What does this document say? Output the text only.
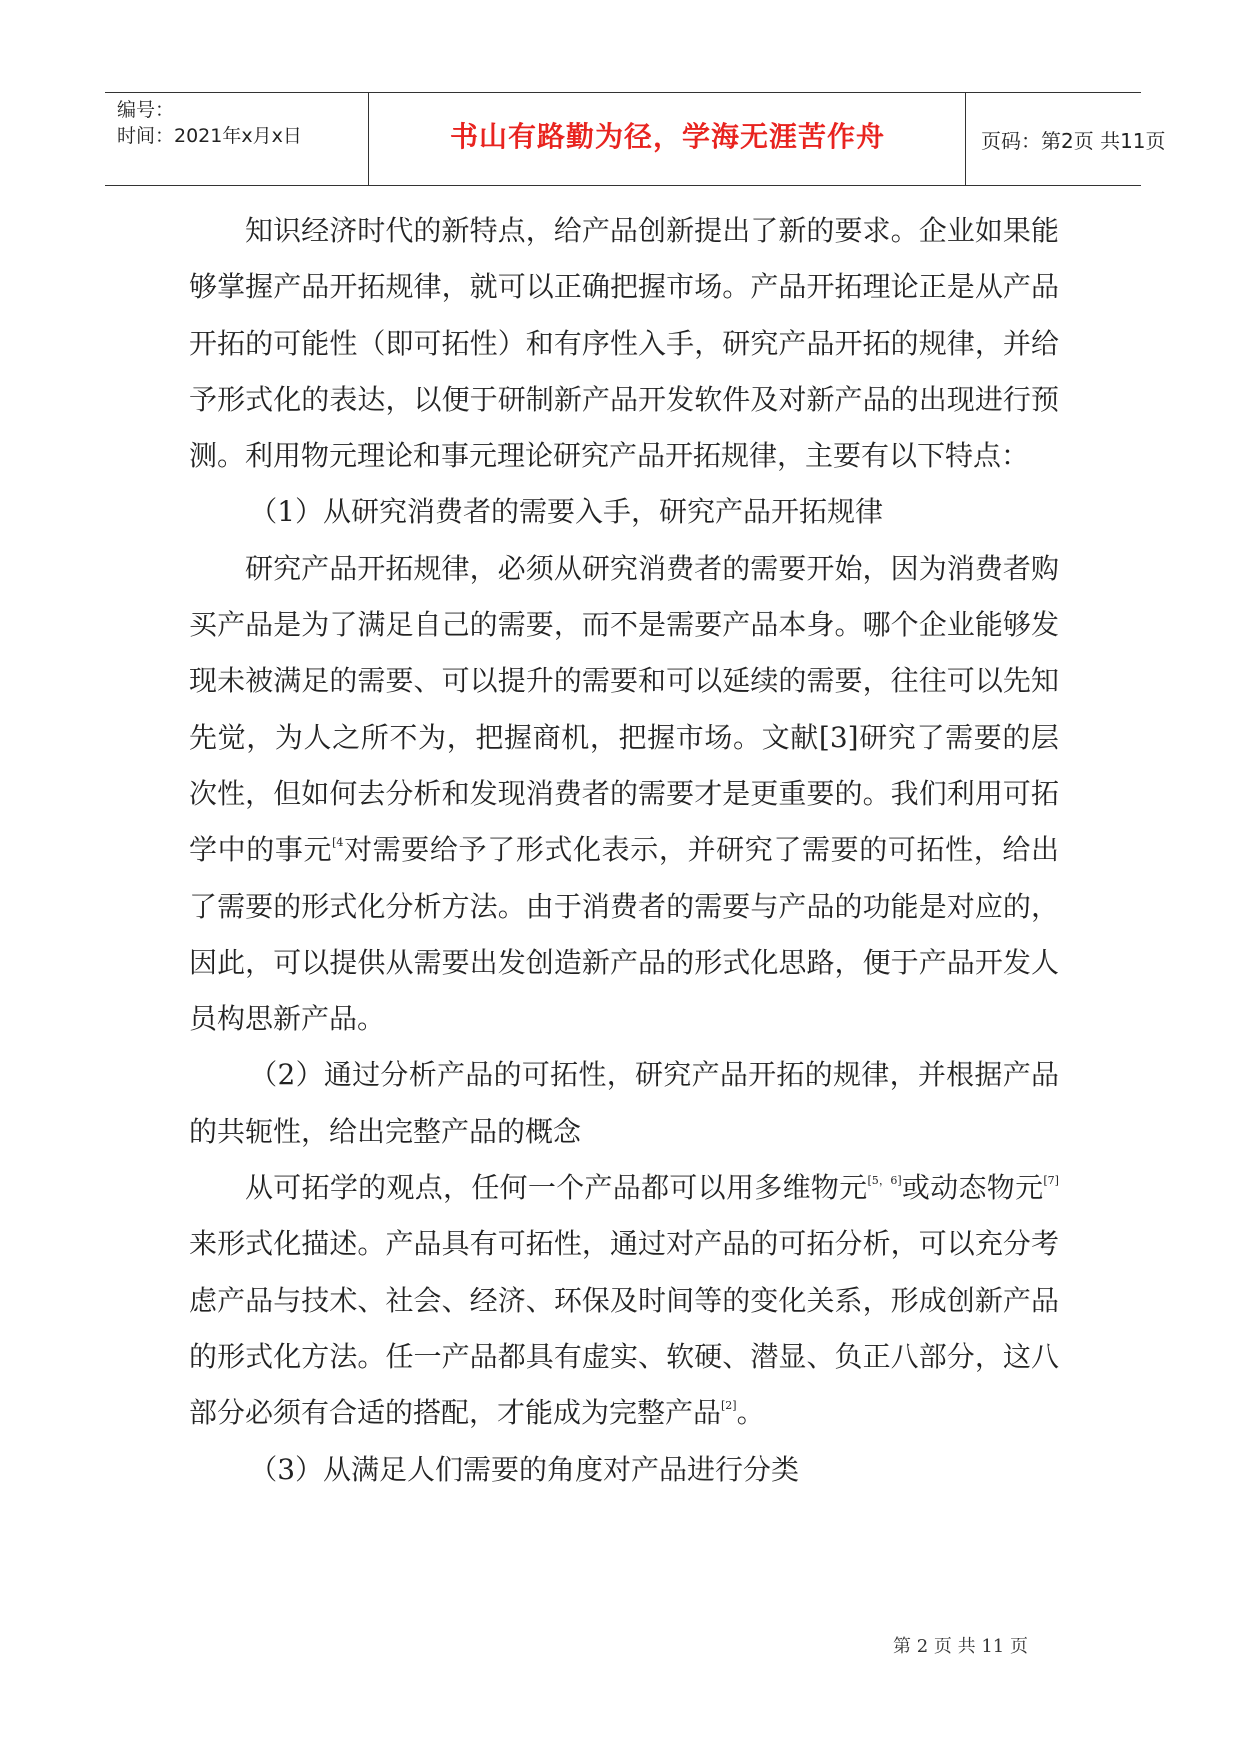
编号：
时间：2021年x月x日	书山有路勤为径，学海无涯苦作舟	页码：第2页 共11页

知识经济时代的新特点，给产品创新提出了新的要求。企业如果能够掌握产品开拓规律，就可以正确把握市场。产品开拓理论正是从产品开拓的可能性（即可拓性）和有序性入手，研究产品开拓的规律，并给予形式化的表达，以便于研制新产品开发软件及对新产品的出现进行预测。利用物元理论和事元理论研究产品开拓规律，主要有以下特点：

（1）从研究消费者的需要入手，研究产品开拓规律

研究产品开拓规律，必须从研究消费者的需要开始，因为消费者购买产品是为了满足自己的需要，而不是需要产品本身。哪个企业能够发现未被满足的需要、可以提升的需要和可以延续的需要，往往可以先知先觉，为人之所不为，把握商机，把握市场。文献[3]研究了需要的层次性，但如何去分析和发现消费者的需要才是更重要的。我们利用可拓学中的事元$^{[4}$对需要给予了形式化表示，并研究了需要的可拓性，给出了需要的形式化分析方法。由于消费者的需要与产品的功能是对应的，因此，可以提供从需要出发创造新产品的形式化思路，便于产品开发人员构思新产品。

（2）通过分析产品的可拓性，研究产品开拓的规律，并根据产品的共轭性，给出完整产品的概念

从可拓学的观点，任何一个产品都可以用多维物元[5，6]或动态物元[7]来形式化描述。产品具有可拓性，通过对产品的可拓分析，可以充分考虑产品与技术、社会、经济、环保及时间等的变化关系，形成创新产品的形式化方法。任一产品都具有虚实、软硬、潜显、负正八部分，这八部分必须有合适的搭配，才能成为完整产品[2]。

（3）从满足人们需要的角度对产品进行分类

第 2 页 共 11 页
